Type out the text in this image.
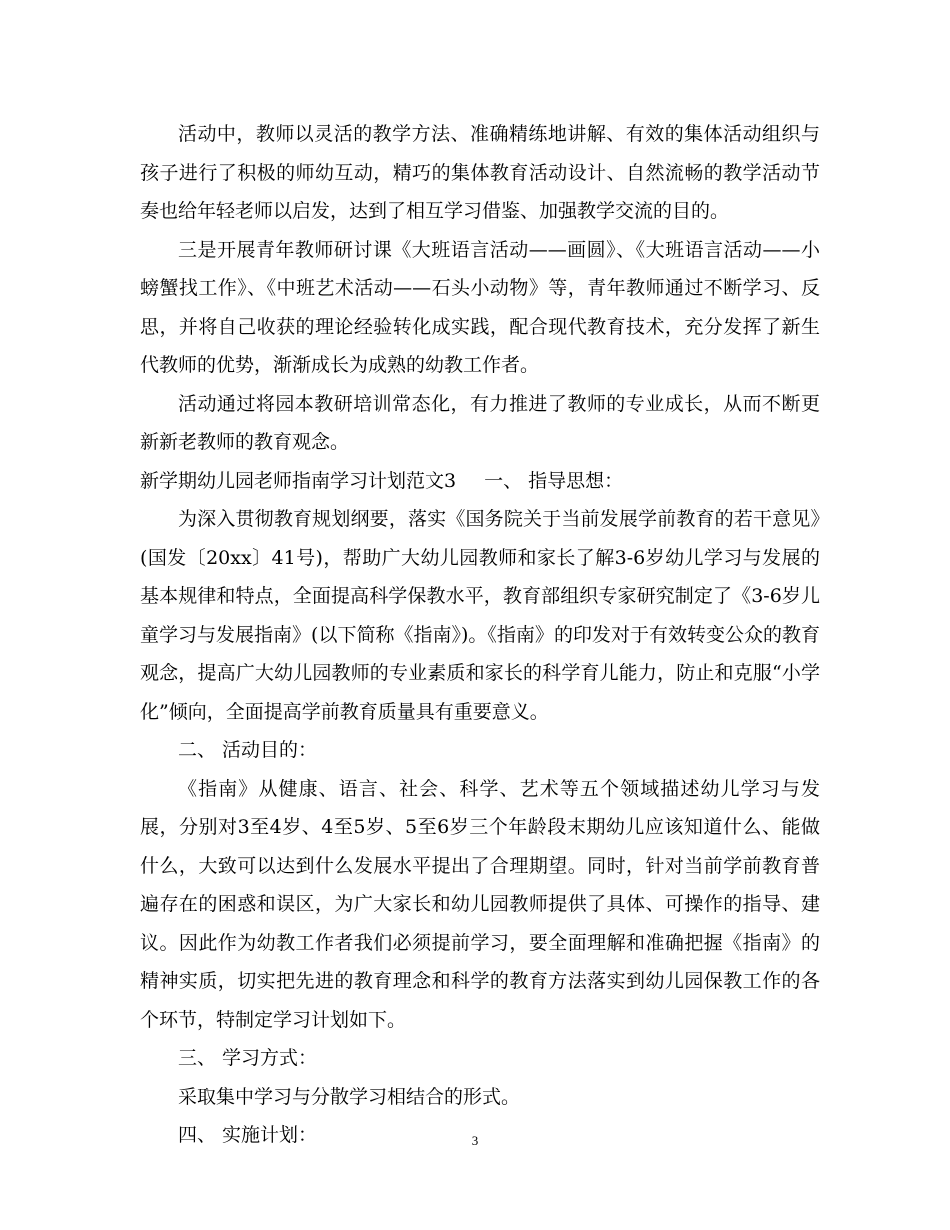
活动中，教师以灵活的教学方法、准确精练地讲解、有效的集体活动组织与孩子进行了积极的师幼互动，精巧的集体教育活动设计、自然流畅的教学活动节奏也给年轻老师以启发，达到了相互学习借鉴、加强教学交流的目的。

三是开展青年教师研讨课《大班语言活动——画圆》、《大班语言活动——小螃蟹找工作》、《中班艺术活动——石头小动物》等，青年教师通过不断学习、反思，并将自己收获的理论经验转化成实践，配合现代教育技术，充分发挥了新生代教师的优势，渐渐成长为成熟的幼教工作者。

活动通过将园本教研培训常态化，有力推进了教师的专业成长，从而不断更新新老教师的教育观念。

新学期幼儿园老师指南学习计划范文3 一、 指导思想：

为深入贯彻教育规划纲要，落实《国务院关于当前发展学前教育的若干意见》(国发〔20xx〕41号)，帮助广大幼儿园教师和家长了解3-6岁幼儿学习与发展的基本规律和特点，全面提高科学保教水平，教育部组织专家研究制定了《3-6岁儿童学习与发展指南》(以下简称《指南》)。《指南》的印发对于有效转变公众的教育观念，提高广大幼儿园教师的专业素质和家长的科学育儿能力，防止和克服“小学化”倾向，全面提高学前教育质量具有重要意义。

二、 活动目的：

《指南》从健康、语言、社会、科学、艺术等五个领域描述幼儿学习与发展，分别对3至4岁、4至5岁、5至6岁三个年龄段末期幼儿应该知道什么、能做什么，大致可以达到什么发展水平提出了合理期望。同时，针对当前学前教育普遍存在的困惑和误区，为广大家长和幼儿园教师提供了具体、可操作的指导、建议。因此作为幼教工作者我们必须提前学习，要全面理解和准确把握《指南》的精神实质，切实把先进的教育理念和科学的教育方法落实到幼儿园保教工作的各个环节，特制定学习计划如下。

三、 学习方式：

采取集中学习与分散学习相结合的形式。

四、 实施计划：	3
